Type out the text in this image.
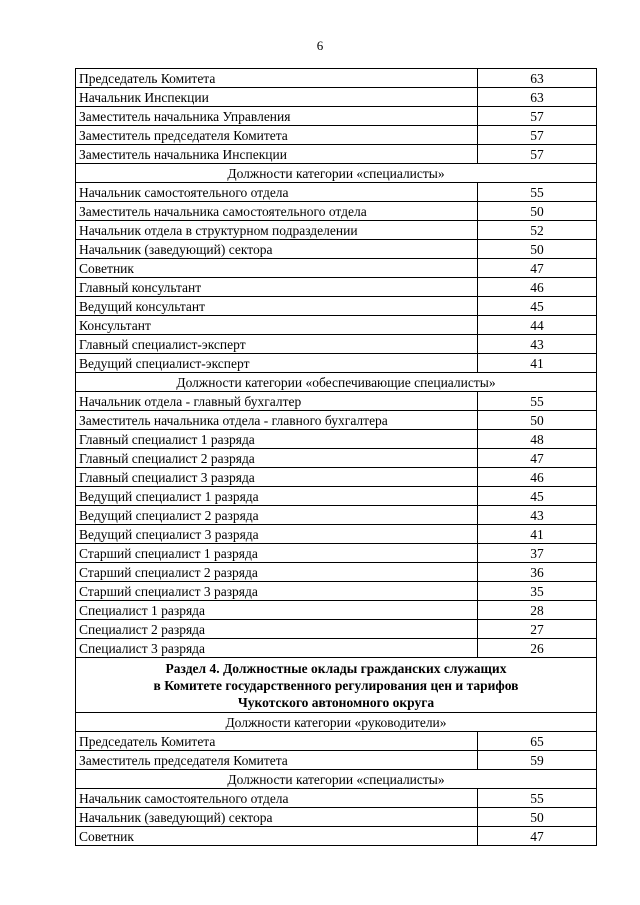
6
Председатель Комитета	63
Начальник Инспекции	63
Заместитель начальника Управления	57
Заместитель председателя Комитета	57
Заместитель начальника Инспекции	57
Должности категории «специалисты»	
Начальник самостоятельного отдела	55
Заместитель начальника самостоятельного отдела	50
Начальник отдела в структурном подразделении	52
Начальник (заведующий) сектора	50
Советник	47
Главный консультант	46
Ведущий консультант	45
Консультант	44
Главный специалист-эксперт	43
Ведущий специалист-эксперт	41
Должности категории «обеспечивающие специалисты»	
Начальник отдела - главный бухгалтер	55
Заместитель начальника отдела - главного бухгалтера	50
Главный специалист 1 разряда	48
Главный специалист 2 разряда	47
Главный специалист 3 разряда	46
Ведущий специалист 1 разряда	45
Ведущий специалист 2 разряда	43
Ведущий специалист 3 разряда	41
Старший специалист 1 разряда	37
Старший специалист 2 разряда	36
Старший специалист 3 разряда	35
Специалист 1 разряда	28
Специалист 2 разряда	27
Специалист 3 разряда	26

Раздел 4. Должностные оклады гражданских служащих
в Комитете государственного регулирования цен и тарифов
Чукотского автономного округа	

Должности категории «руководители»	
Председатель Комитета	65
Заместитель председателя Комитета	59
Должности категории «специалисты»	
Начальник самостоятельного отдела	55
Начальник (заведующий) сектора	50
Советник	47
